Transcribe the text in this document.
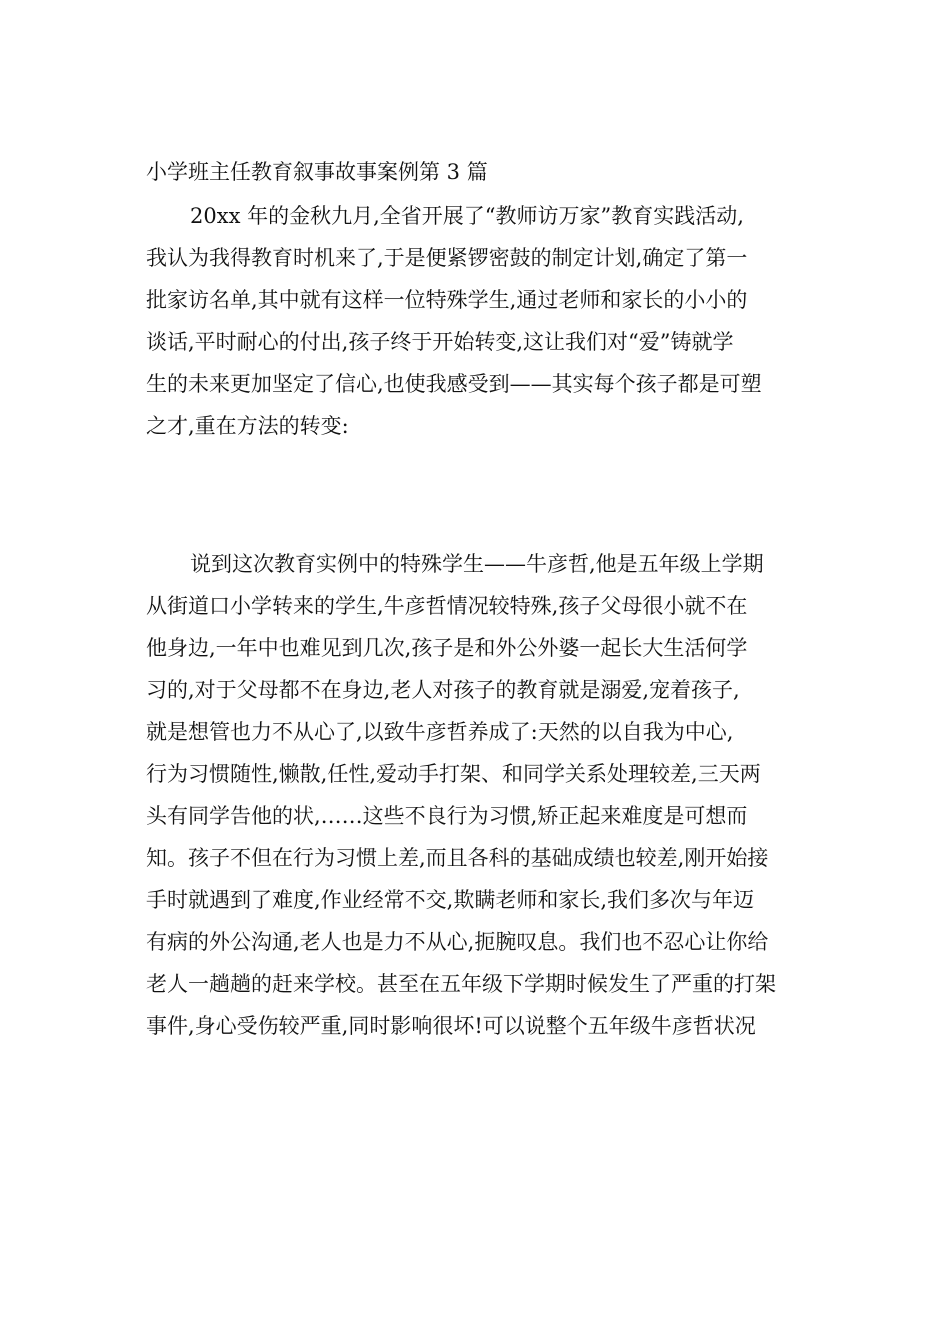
小学班主任教育叙事故事案例第 3 篇
20xx 年的金秋九月,全省开展了“教师访万家”教育实践活动,
我认为我得教育时机来了,于是便紧锣密鼓的制定计划,确定了第一
批家访名单,其中就有这样一位特殊学生,通过老师和家长的小小的
谈话,平时耐心的付出,孩子终于开始转变,这让我们对“爱”铸就学
生的未来更加坚定了信心,也使我感受到——其实每个孩子都是可塑
之才,重在方法的转变:
说到这次教育实例中的特殊学生——牛彦哲,他是五年级上学期
从街道口小学转来的学生,牛彦哲情况较特殊,孩子父母很小就不在
他身边,一年中也难见到几次,孩子是和外公外婆一起长大生活何学
习的,对于父母都不在身边,老人对孩子的教育就是溺爱,宠着孩子,
就是想管也力不从心了,以致牛彦哲养成了:天然的以自我为中心,
行为习惯随性,懒散,任性,爱动手打架、和同学关系处理较差,三天两
头有同学告他的状,……这些不良行为习惯,矫正起来难度是可想而
知。孩子不但在行为习惯上差,而且各科的基础成绩也较差,刚开始接
手时就遇到了难度,作业经常不交,欺瞒老师和家长,我们多次与年迈
有病的外公沟通,老人也是力不从心,扼腕叹息。我们也不忍心让你给
老人一趟趟的赶来学校。甚至在五年级下学期时候发生了严重的打架
事件,身心受伤较严重,同时影响很坏!可以说整个五年级牛彦哲状况
